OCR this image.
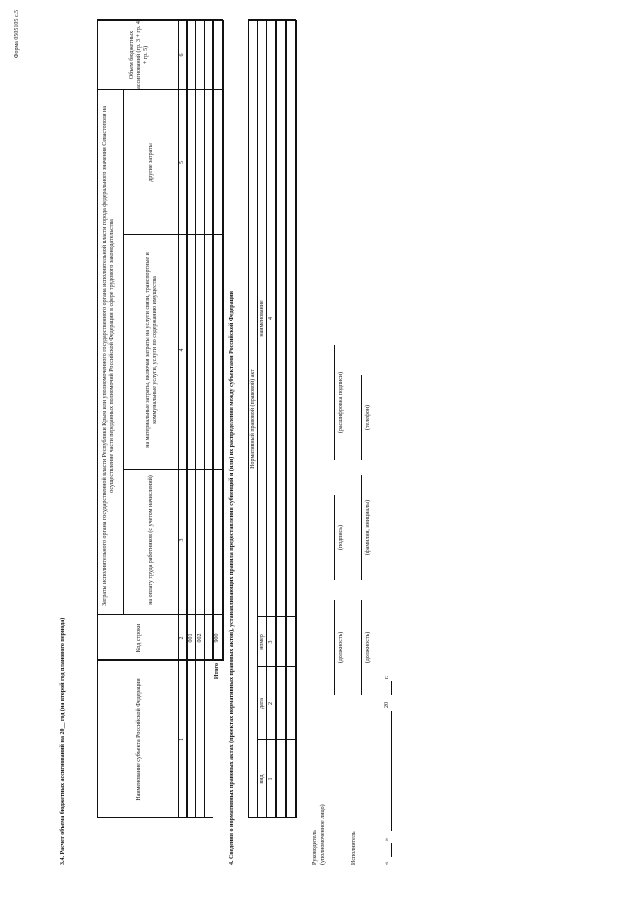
Форма 0505105 с.5
3.4. Расчет объема бюджетных ассигнований на 20__ год (на второй год планового периода)	Наименование субъекта Российской Федерации
Код строки
Затраты исполнительного органа государственной власти Республики Крым или уполномоченного государственного органа исполнительной власти города федерального значения Севастополя на осуществление части переданных полномочий Российской Федерации в сфере трудового законодательства
на оплату труда работников (с учетом начислений)
на материальные затраты, включая затраты на услуги связи, транспортные и коммунальные услуги, услуги по содержанию имущества
другие затраты
Объем бюджетных ассигнований (гр. 3 + гр. 4 + гр. 5)
1
2
3
4
5
6
001 002
Итого
900 4. Сведения о нормативных правовых актах (проектах нормативных правовых актов), устанавливающих правила предоставления субвенций и (или) их распределения между субъектами Российской Федерации	Нормативный правовой (правовой) акт
вид
дата
номер
наименование
1
2
3
4
Руководитель (уполномоченное лицо)
(должность)
(подпись)
(расшифровка подписи)
Исполнитель
(должность)
(фамилия, инициалы)
(телефон)
«
»
20
г.
